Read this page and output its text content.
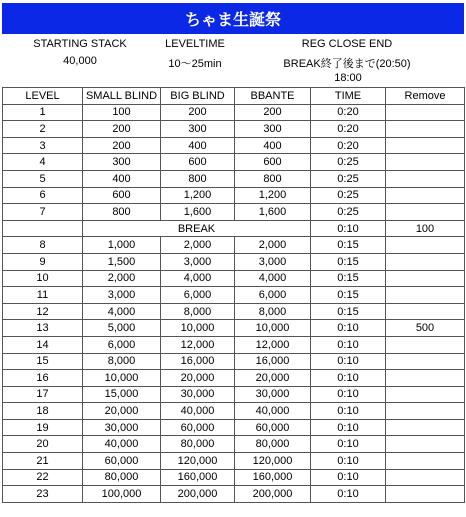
ちゃま生誕祭
STARTING STACK
40,000
LEVELTIME
10〜25min
REG CLOSE END
BREAK終了後まで(20:50)
18:00
LEVEL	SMALL BLIND	BIG BLIND	BBANTE	TIME	Remove
1	100	200	200	0:20	
2	200	300	300	0:20	
3	200	400	400	0:20	
4	300	600	600	0:25	
5	400	800	800	0:25	
6	600	1,200	1,200	0:25	
7	800	1,600	1,600	0:25	
	BREAK			0:10	100
8	1,000	2,000	2,000	0:15	
9	1,500	3,000	3,000	0:15	
10	2,000	4,000	4,000	0:15	
11	3,000	6,000	6,000	0:15	
12	4,000	8,000	8,000	0:15	
13	5,000	10,000	10,000	0:10	500
14	6,000	12,000	12,000	0:10	
15	8,000	16,000	16,000	0:10	
16	10,000	20,000	20,000	0:10	
17	15,000	30,000	30,000	0:10	
18	20,000	40,000	40,000	0:10	
19	30,000	60,000	60,000	0:10	
20	40,000	80,000	80,000	0:10	
21	60,000	120,000	120,000	0:10	
22	80,000	160,000	160,000	0:10	
23	100,000	200,000	200,000	0:10	
